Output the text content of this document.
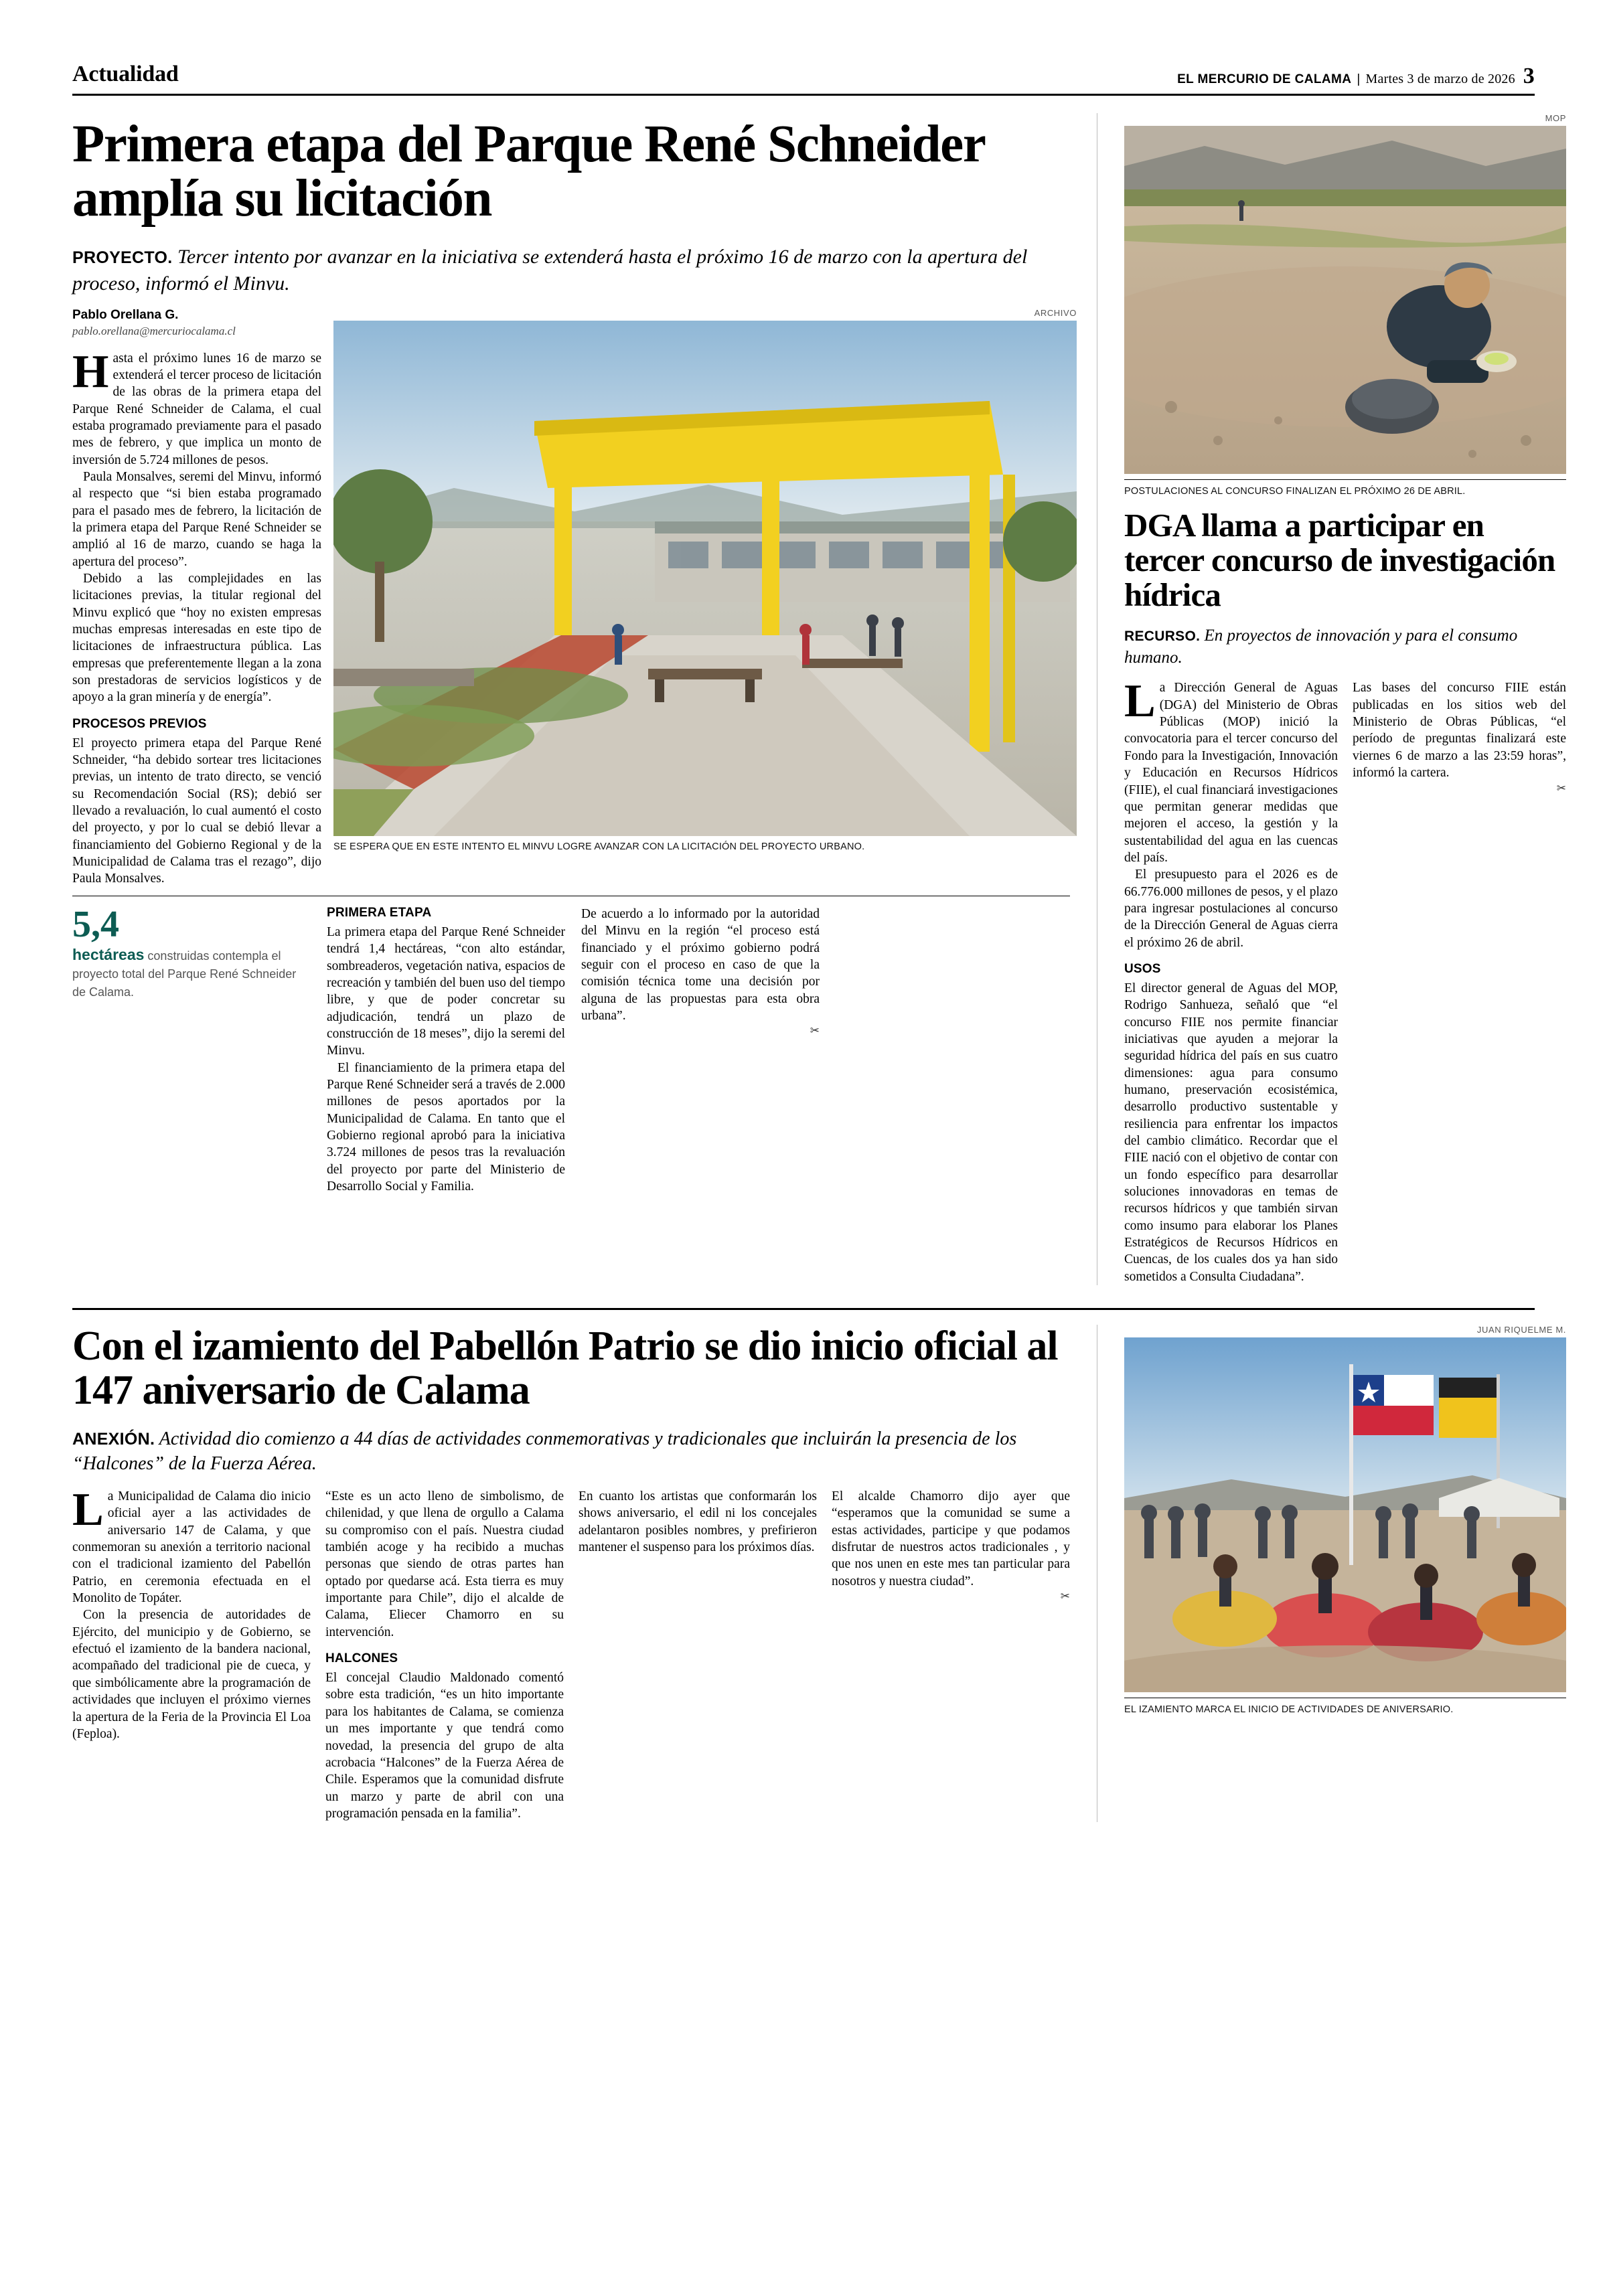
Actualidad	EL MERCURIO DE CALAMA | Martes 3 de marzo de 2026 3
Primera etapa del Parque René Schneider amplía su licitación
PROYECTO. Tercer intento por avanzar en la iniciativa se extenderá hasta el próximo 16 de marzo con la apertura del proceso, informó el Minvu.
Pablo Orellana G.
pablo.orellana@mercuriocalama.cl

Hasta el próximo lunes 16 de marzo se extenderá el tercer proceso de licitación de las obras de la primera etapa del Parque René Schneider de Calama, el cual estaba programado previamente para el pasado mes de febrero, y que implica un monto de inversión de 5.724 millones de pesos.

Paula Monsalves, seremi del Minvu, informó al respecto que “si bien estaba programado para el pasado mes de febrero, la licitación de la primera etapa del Parque René Schneider se amplió al 16 de marzo, cuando se haga la apertura del proceso”.

Debido a las complejidades en las licitaciones previas, la titular regional del Minvu explicó que “hoy no existen empresas muchas empresas interesadas en este tipo de licitaciones de infraestructura pública. Las empresas que preferentemente llegan a la zona son prestadoras de servicios logísticos y de apoyo a la gran minería y de energía”.

PROCESOS PREVIOS

El proyecto primera etapa del Parque René Schneider, “ha debido sortear tres licitaciones previas, un intento de trato directo, se venció su Recomendación Social (RS); debió ser llevado a revaluación, lo cual aumentó el costo del proyecto, y por lo cual se debió llevar a financiamiento del Gobierno Regional y de la Municipalidad de Calama tras el rezago”, dijo Paula Monsalves.

ARCHIVO
SE ESPERA QUE EN ESTE INTENTO EL MINVU LOGRE AVANZAR CON LA LICITACIÓN DEL PROYECTO URBANO.
5,4
hectáreas construidas contempla el proyecto total del Parque René Schneider de Calama.
PRIMERA ETAPA

La primera etapa del Parque René Schneider tendrá 1,4 hectáreas, “con alto estándar, sombreaderos, vegetación nativa, espacios de recreación y también del buen uso del tiempo libre, y que de poder concretar su adjudicación, tendrá un plazo de construcción de 18 meses”, dijo la seremi del Minvu.

El financiamiento de la primera etapa del Parque René Schneider será a través de 2.000 millones de pesos aportados por la Municipalidad de Calama. En tanto que el Gobierno regional aprobó para la iniciativa 3.724 millones de pesos tras la revaluación del proyecto por parte del Ministerio de Desarrollo Social y Familia.

De acuerdo a lo informado por la autoridad del Minvu en la región “el proceso está financiado y el próximo gobierno podrá seguir con el proceso en caso de que la comisión técnica tome una decisión por alguna de las propuestas para esta obra urbana”.

✂
MOP
POSTULACIONES AL CONCURSO FINALIZAN EL PRÓXIMO 26 DE ABRIL.
DGA llama a participar en tercer concurso de investigación hídrica
RECURSO. En proyectos de innovación y para el consumo humano.

La Dirección General de Aguas (DGA) del Ministerio de Obras Públicas (MOP) inició la convocatoria para el tercer concurso del Fondo para la Investigación, Innovación y Educación en Recursos Hídricos (FIIE), el cual financiará investigaciones que permitan generar medidas que mejoren el acceso, la gestión y la sustentabilidad del agua en las cuencas del país.

El presupuesto para el 2026 es de 66.776.000 millones de pesos, y el plazo para ingresar postulaciones al concurso de la Dirección General de Aguas cierra el próximo 26 de abril.

USOS

El director general de Aguas del MOP, Rodrigo Sanhueza, señaló que “el concurso FIIE nos permite financiar iniciativas que ayuden a mejorar la seguridad hídrica del país en sus cuatro dimensiones: agua para consumo humano, preservación ecosistémica, desarrollo productivo sustentable y resiliencia para enfrentar los impactos del cambio climático. Recordar que el FIIE nació con el objetivo de contar con un fondo específico para desarrollar soluciones innovadoras en temas de recursos hídricos y que también sirvan como insumo para elaborar los Planes Estratégicos de Recursos Hídricos en Cuencas, de los cuales dos ya han sido sometidos a Consulta Ciudadana”.

Las bases del concurso FIIE están publicadas en los sitios web del Ministerio de Obras Públicas, “el período de preguntas finalizará este viernes 6 de marzo a las 23:59 horas”, informó la cartera.

✂
Con el izamiento del Pabellón Patrio se dio inicio oficial al 147 aniversario de Calama
ANEXIÓN. Actividad dio comienzo a 44 días de actividades conmemorativas y tradicionales que incluirán la presencia de los “Halcones” de la Fuerza Aérea.

La Municipalidad de Calama dio inicio oficial ayer a las actividades de aniversario 147 de Calama, y que conmemoran su anexión a territorio nacional con el tradicional izamiento del Pabellón Patrio, en ceremonia efectuada en el Monolito de Topáter.

Con la presencia de autoridades de Ejército, del municipio y de Gobierno, se efectuó el izamiento de la bandera nacional, acompañado del tradicional pie de cueca, y que simbólicamente abre la programación de actividades que incluyen el próximo viernes la apertura de la Feria de la Provincia El Loa (Feploa).

“Este es un acto lleno de simbolismo, de chilenidad, y que llena de orgullo a Calama su compromiso con el país. Nuestra ciudad también acoge y ha recibido a muchas personas que siendo de otras partes han optado por quedarse acá. Esta tierra es muy importante para Chile”, dijo el alcalde de Calama, Eliecer Chamorro en su intervención.

HALCONES

El concejal Claudio Maldonado comentó sobre esta tradición, “es un hito importante para los habitantes de Calama, se comienza un mes importante y que tendrá como novedad, la presencia del grupo de alta acrobacia “Halcones” de la Fuerza Aérea de Chile. Esperamos que la comunidad disfrute un marzo y parte de abril con una programación pensada en la familia”.

En cuanto los artistas que conformarán los shows aniversario, el edil ni los concejales adelantaron posibles nombres, y prefirieron mantener el suspenso para los próximos días.

El alcalde Chamorro dijo ayer que “esperamos que la comunidad se sume a estas actividades, participe y que podamos disfrutar de nuestros actos tradicionales , y que nos unen en este mes tan particular para nosotros y nuestra ciudad”.

✂
JUAN RIQUELME M.
EL IZAMIENTO MARCA EL INICIO DE ACTIVIDADES DE ANIVERSARIO.
